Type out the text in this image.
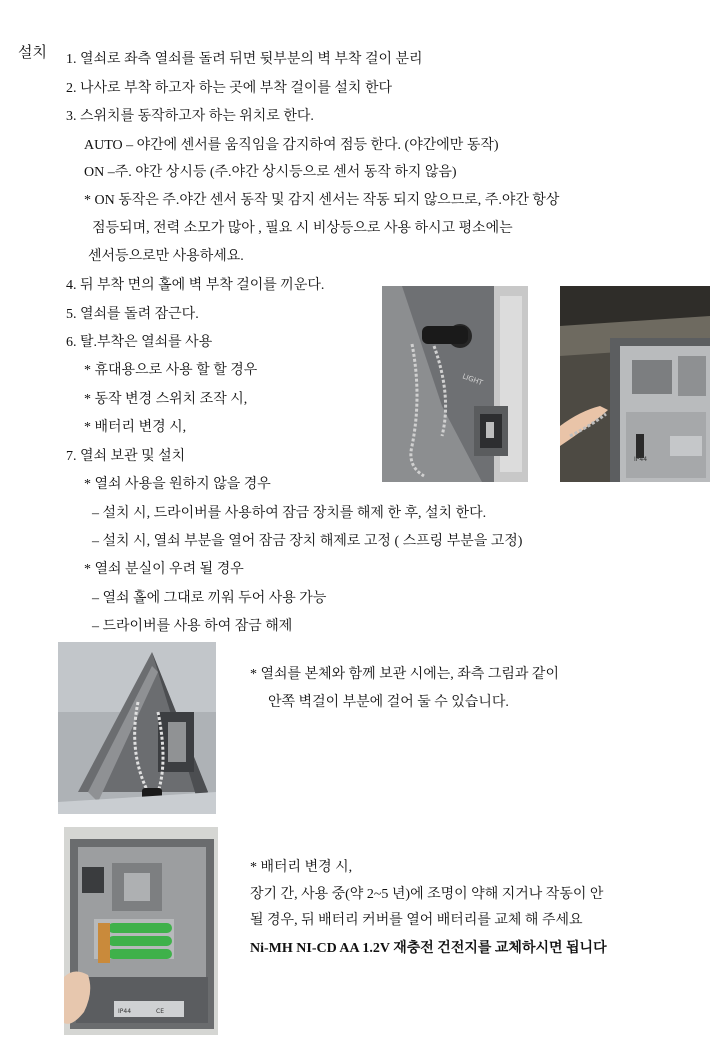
설치 1. 열쇠로 좌측 열쇠를 돌려 뒤면 뒷부분의 벽 부착 걸이 분리
2. 나사로 부착 하고자 하는 곳에 부착 걸이를 설치 한다
3. 스위치를 동작하고자 하는 위치로 한다.
AUTO – 야간에 센서를 움직임을 감지하여 점등 한다. (야간에만 동작)
ON –주. 야간 상시등 (주.야간 상시등으로 센서 동작 하지 않음)
* ON 동작은 주.야간 센서 동작 및 감지 센서는 작동 되지 않으므로, 주.야간 항상
점등되며, 전력 소모가 많아 , 필요 시 비상등으로 사용 하시고 평소에는
센서등으로만 사용하세요.
4. 뒤 부착 면의 홀에 벽 부착 걸이를 끼운다.
5. 열쇠를 돌려 잠근다.
6. 탈.부착은 열쇠를 사용
* 휴대용으로 사용 할 할 경우
* 동작 변경 스위치 조작 시,
* 배터리 변경 시,
7. 열쇠 보관 및 설치
* 열쇠 사용을 원하지 않을 경우
– 설치 시, 드라이버를 사용하여 잠금 장치를 해제 한 후, 설치 한다.
– 설치 시, 열쇠 부분을 열어 잠금 장치 해제로 고정 ( 스프링 부분을 고정)
* 열쇠 분실이 우려 될 경우
– 열쇠 홀에 그대로 끼워 두어 사용 가능
– 드라이버를 사용 하여 잠금 해제
LIGHT
IP44
* 열쇠를 본체와 함께 보관 시에는, 좌측 그림과 같이
안쪽 벽걸이 부분에 걸어 둘 수 있습니다.
IP44	CE
* 배터리 변경 시,
장기 간, 사용 중(약 2~5 년)에 조명이 약해 지거나 작동이 안
될 경우, 뒤 배터리 커버를 열어 배터리를 교체 해 주세요
Ni-MH NI-CD AA 1.2V 재충전 건전지를 교체하시면 됩니다
